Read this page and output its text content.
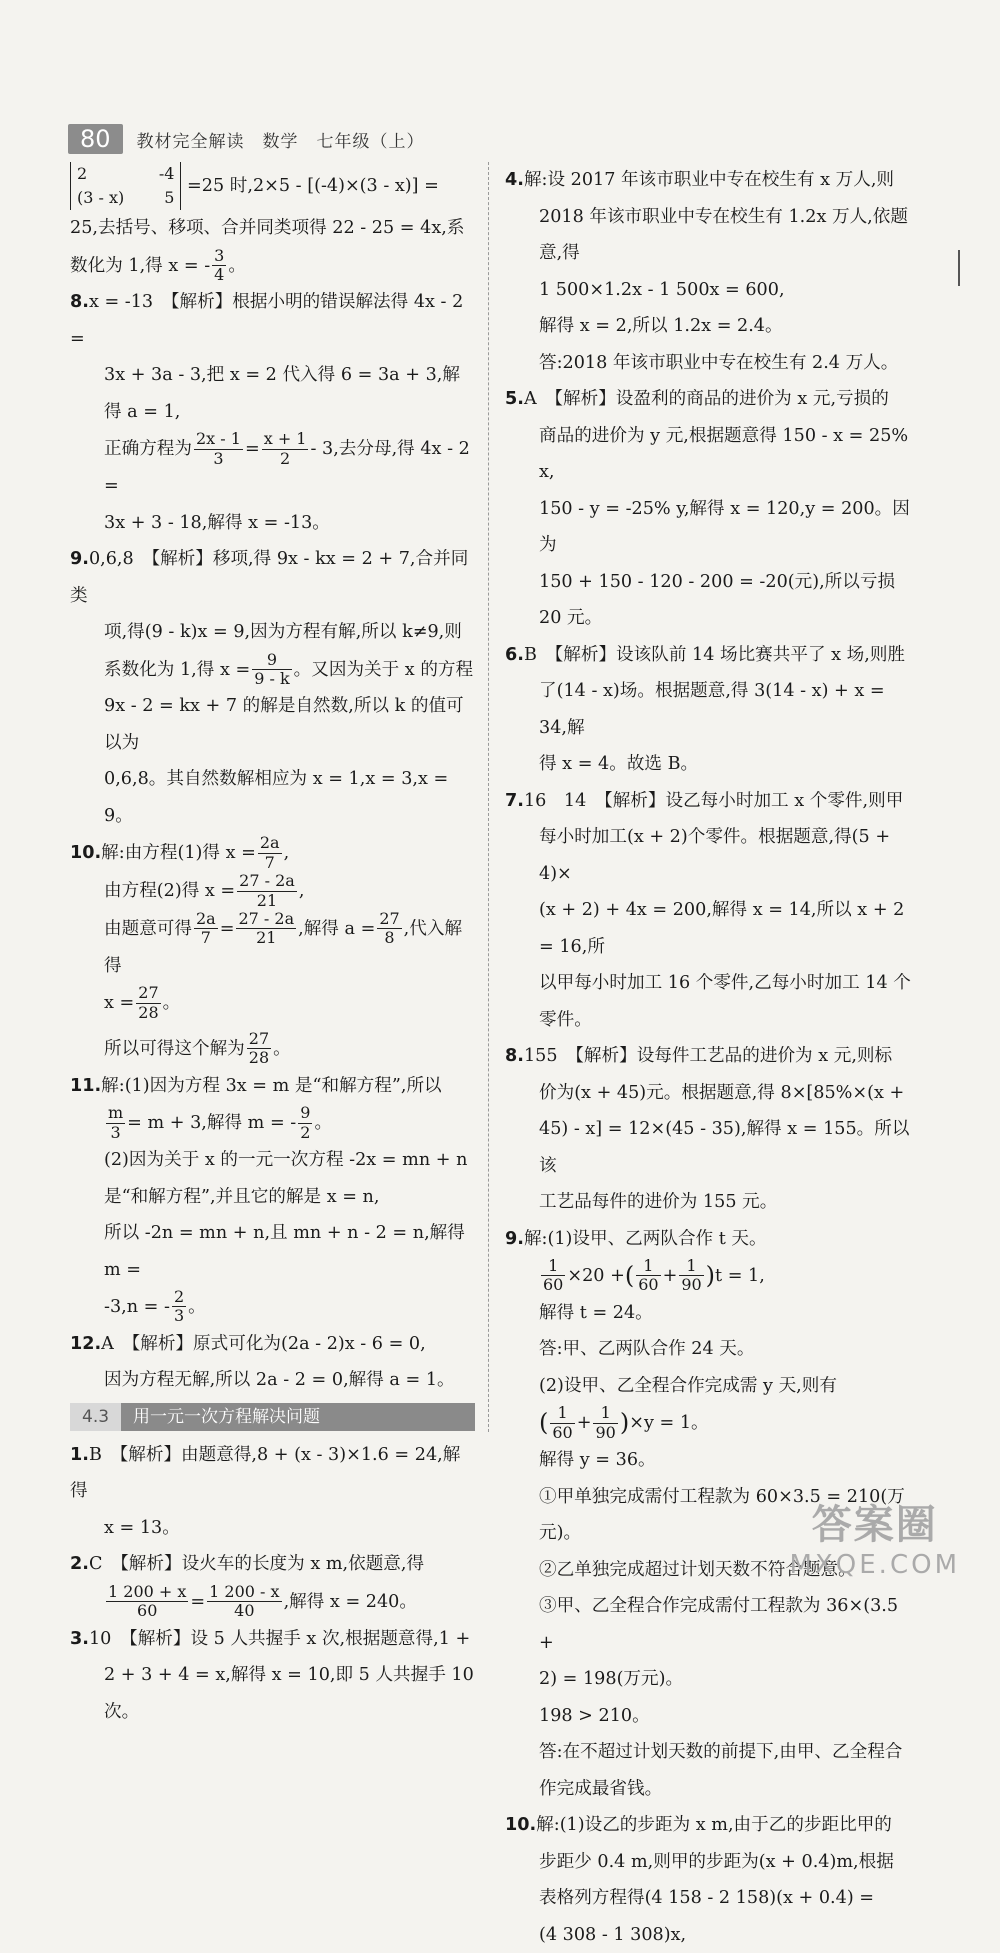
80	教材完全解读　数学　七年级（上）

2	-4
(3 - x)	5
=25 时,2×5 - [(-4)×(3 - x)] =

25,去括号、移项、合并同类项得 22 - 25 = 4x,系

数化为 1,得 x = - $\frac{3}{4}$ 。

8.x = -13　【解析】根据小明的错误解法得 4x - 2 =

3x + 3a - 3,把 x = 2 代入得 6 = 3a + 3,解得 a = 1,

正确方程为 $\frac{2x - 1}{3} = \frac{x + 1}{2} - 3$,去分母,得 4x - 2 =

3x + 3 - 18,解得 x = -13。

9.0,6,8　【解析】移项,得 9x - kx = 2 + 7,合并同类

项,得(9 - k)x = 9,因为方程有解,所以 k≠9,则

系数化为 1,得 $x = \frac{9}{9 - k}$ 。又因为关于 x 的方程

9x - 2 = kx + 7 的解是自然数,所以 k 的值可以为

0,6,8。其自然数解相应为 x = 1,x = 3,x = 9。

10.解:由方程(1)得 $x = \frac{2a}{7}$ ,

由方程(2)得 $x = \frac{27 - 2a}{21}$ ,

由题意可得 $\frac{2a}{7} = \frac{27 - 2a}{21}$ ,解得 $a = \frac{27}{8}$ ,代入解得

$x = \frac{27}{28}$ 。

所以可得这个解为 $\frac{27}{28}$ 。

11.解:(1)因为方程 3x = m 是“和解方程”,所以

$\frac{m}{3} = m + 3$,解得 m = - $\frac{9}{2}$ 。

(2)因为关于 x 的一元一次方程 -2x = mn + n

是“和解方程”,并且它的解是 x = n,

所以 -2n = mn + n,且 mn + n - 2 = n,解得 m =

-3,n = - $\frac{2}{3}$ 。

12.A　【解析】原式可化为(2a - 2)x - 6 = 0,

因为方程无解,所以 2a - 2 = 0,解得 a = 1。

4.3	用一元一次方程解决问题

1.B　【解析】由题意得,8 + (x - 3)×1.6 = 24,解得

x = 13。

2.C　【解析】设火车的长度为 x m,依题意,得

$\frac{1 200 + x}{60} = \frac{1 200 - x}{40}$ ,解得 x = 240。

3.10　【解析】设 5 人共握手 x 次,根据题意得,1 +

2 + 3 + 4 = x,解得 x = 10,即 5 人共握手 10 次。

4.解:设 2017 年该市职业中专在校生有 x 万人,则

2018 年该市职业中专在校生有 1.2x 万人,依题

意,得

1 500×1.2x - 1 500x = 600,

解得 x = 2,所以 1.2x = 2.4。

答:2018 年该市职业中专在校生有 2.4 万人。

5.A　【解析】设盈利的商品的进价为 x 元,亏损的

商品的进价为 y 元,根据题意得 150 - x = 25% x,

150 - y = -25% y,解得 x = 120,y = 200。因为

150 + 150 - 120 - 200 = -20(元),所以亏损 20 元。

6.B　【解析】设该队前 14 场比赛共平了 x 场,则胜

了(14 - x)场。根据题意,得 3(14 - x) + x = 34,解

得 x = 4。故选 B。

7.16　14　【解析】设乙每小时加工 x 个零件,则甲

每小时加工(x + 2)个零件。根据题意,得(5 + 4)×

(x + 2) + 4x = 200,解得 x = 14,所以 x + 2 = 16,所

以甲每小时加工 16 个零件,乙每小时加工 14 个

零件。

8.155　【解析】设每件工艺品的进价为 x 元,则标

价为(x + 45)元。根据题意,得 8×[85%×(x +

45) - x] = 12×(45 - 35),解得 x = 155。所以该

工艺品每件的进价为 155 元。

9.解:(1)设甲、乙两队合作 t 天。

$\frac{1}{60} \times 20$ +( $\frac{1}{60} + \frac{1}{90} )t = 1$,

解得 t = 24。

答:甲、乙两队合作 24 天。

(2)设甲、乙全程合作完成需 y 天,则有

( $\frac{1}{60} + \frac{1}{90} )\times y = 1$。

解得 y = 36。

①甲单独完成需付工程款为 60×3.5 = 210(万元)。

②乙单独完成超过计划天数不符合题意。

③甲、乙全程合作完成需付工程款为 36×(3.5 +

2) = 198(万元)。

198 > 210。

答:在不超过计划天数的前提下,由甲、乙全程合

作完成最省钱。

10.解:(1)设乙的步距为 x m,由于乙的步距比甲的

步距少 0.4 m,则甲的步距为(x + 0.4)m,根据

表格列方程得(4 158 - 2 158)(x + 0.4) =

(4 308 - 1 308)x,

答案圈
MXQE.COM
